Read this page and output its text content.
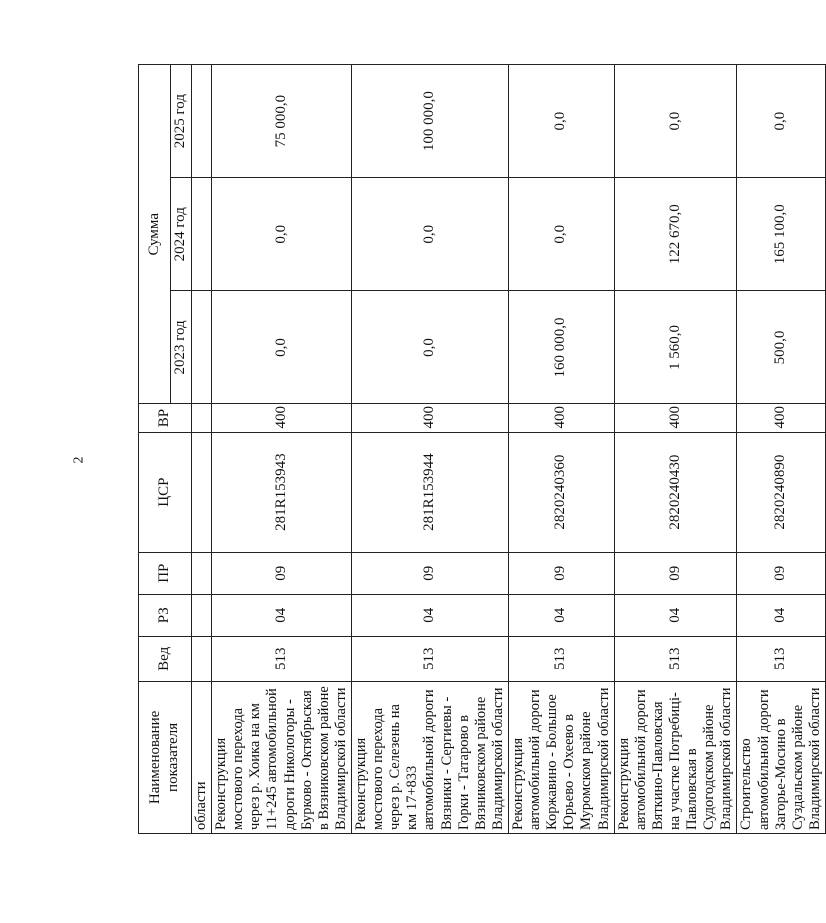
2
Наименование показателя	Вед	РЗ	ПР	ЦСР	ВР	Сумма		
						2023 год	2024 год	2025 год
области								
Реконструкция мостового перехода через р. Хоика на км 11+245 автомобильной дороги Никологоры - Бурково - Октябрьская в Вязниковском районе Владимирской области	513	04	09	281R153943	400	0,0	0,0	75 000,0
Реконструкция мостового перехода через р. Селезень на км 17+833 автомобильной дороги Вязники - Сергиевы - Горки - Татарово в Вязниковском районе Владимирской области	513	04	09	281R153944	400	0,0	0,0	100 000,0
Реконструкция автомобильной дороги Коржавино - Большое Юрьево - Охеево в Муромском районе Владимирской области	513	04	09	2820240360	400	160 000,0	0,0	0,0
Реконструкция автомобильной дороги Вяткино-Павловская на участке Потребиці-Павловская в Судогодском районе Владимирской области	513	04	09	2820240430	400	1 560,0	122 670,0	0,0
Строительство автомобильной дороги Загорье-Мосино в Суздальском районе Владимирской области	513	04	09	2820240890	400	500,0	165 100,0	0,0
